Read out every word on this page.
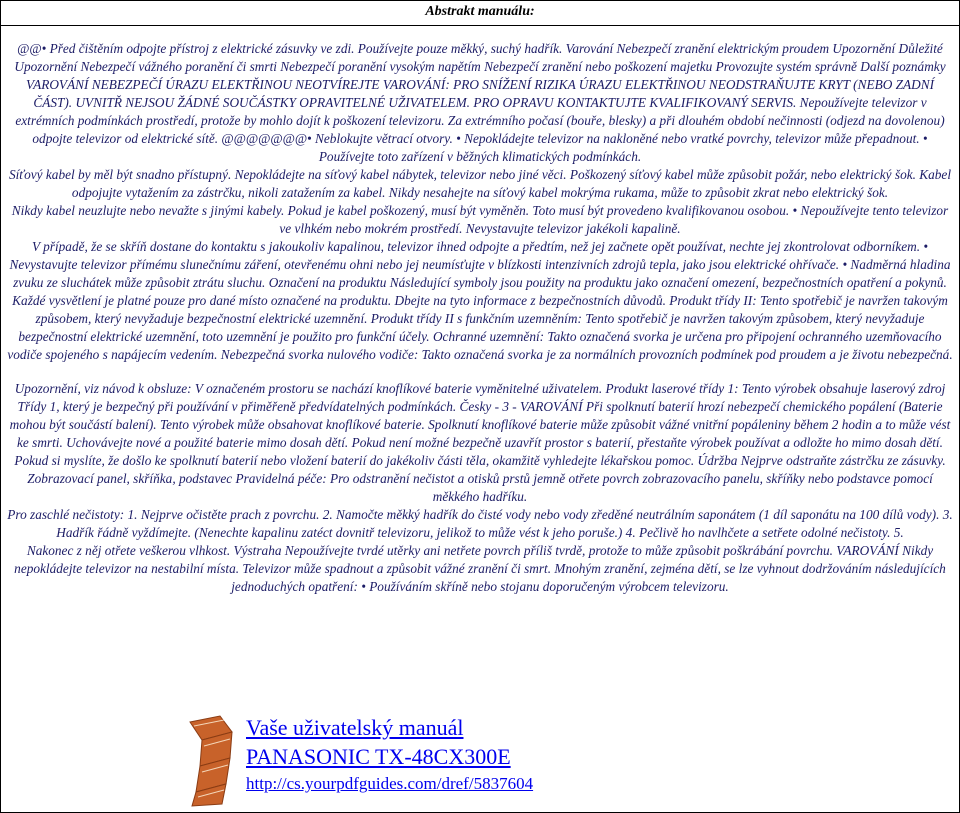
Abstrakt manuálu:

@@• Před čištěním odpojte přístroj z elektrické zásuvky ve zdi. Používejte pouze měkký, suchý hadřík. Varování Nebezpečí zranění elektrickým proudem Upozornění Důležité Upozornění Nebezpečí vážného poranění či smrti Nebezpečí poranění vysokým napětím Nebezpečí zranění nebo poškození majetku Provozujte systém správně Další poznámky VAROVÁNÍ NEBEZPEČÍ ÚRAZU ELEKTŘINOU NEOTVÍREJTE VAROVÁNÍ: PRO SNÍŽENÍ RIZIKA ÚRAZU ELEKTŘINOU NEODSTRAŇUJTE KRYT (NEBO ZADNÍ ČÁST). UVNITŘ NEJSOU ŽÁDNÉ SOUČÁSTKY OPRAVITELNÉ UŽIVATELEM. PRO OPRAVU KONTAKTUJTE KVALIFIKOVANÝ SERVIS. Nepoužívejte televizor v extrémních podmínkách prostředí, protože by mohlo dojít k poškození televizoru. Za extrémního počasí (bouře, blesky) a při dlouhém období nečinnosti (odjezd na dovolenou) odpojte televizor od elektrické sítě. @@@@@@@• Neblokujte větrací otvory. • Nepokládejte televizor na nakloněné nebo vratké povrchy, televizor může přepadnout. • Používejte toto zařízení v běžných klimatických podmínkách.

Síťový kabel by měl být snadno přístupný. Nepokládejte na síťový kabel nábytek, televizor nebo jiné věci. Poškozený síťový kabel může způsobit požár, nebo elektrický šok. Kabel odpojujte vytažením za zástrčku, nikoli zatažením za kabel. Nikdy nesahejte na síťový kabel mokrýma rukama, může to způsobit zkrat nebo elektrický šok.

Nikdy kabel neuzlujte nebo nevažte s jinými kabely. Pokud je kabel poškozený, musí být vyměněn. Toto musí být provedeno kvalifikovanou osobou. • Nepoužívejte tento televizor ve vlhkém nebo mokrém prostředí. Nevystavujte televizor jakékoli kapalině.

V případě, že se skříň dostane do kontaktu s jakoukoliv kapalinou, televizor ihned odpojte a předtím, než jej začnete opět používat, nechte jej zkontrolovat odborníkem. • Nevystavujte televizor přímému slunečnímu záření, otevřenému ohni nebo jej neumísťujte v blízkosti intenzivních zdrojů tepla, jako jsou elektrické ohřívače. • Nadměrná hladina zvuku ze sluchátek může způsobit ztrátu sluchu. Označení na produktu Následující symboly jsou použity na produktu jako označení omezení, bezpečnostních opatření a pokynů. Každé vysvětlení je platné pouze pro dané místo označené na produktu. Dbejte na tyto informace z bezpečnostních důvodů. Produkt třídy II: Tento spotřebič je navržen takovým způsobem, který nevyžaduje bezpečnostní elektrické uzemnění. Produkt třídy II s funkčním uzemněním: Tento spotřebič je navržen takovým způsobem, který nevyžaduje bezpečnostní elektrické uzemnění, toto uzemnění je použito pro funkční účely. Ochranné uzemnění: Takto označená svorka je určena pro připojení ochranného uzemňovacího vodiče spojeného s napájecím vedením. Nebezpečná svorka nulového vodiče: Takto označená svorka je za normálních provozních podmínek pod proudem a je životu nebezpečná.

Upozornění, viz návod k obsluze: V označeném prostoru se nachází knoflíkové baterie vyměnitelné uživatelem. Produkt laserové třídy 1: Tento výrobek obsahuje laserový zdroj Třídy 1, který je bezpečný při používání v přiměřeně předvídatelných podmínkách. Česky - 3 - VAROVÁNÍ Při spolknutí baterií hrozí nebezpečí chemického popálení (Baterie mohou být součástí balení). Tento výrobek může obsahovat knoflíkové baterie. Spolknutí knoflíkové baterie může způsobit vážné vnitřní popáleniny během 2 hodin a to může vést ke smrti. Uchovávejte nové a použité baterie mimo dosah dětí. Pokud není možné bezpečně uzavřít prostor s baterií, přestaňte výrobek používat a odložte ho mimo dosah dětí. Pokud si myslíte, že došlo ke spolknutí baterií nebo vložení baterií do jakékoliv části těla, okamžitě vyhledejte lékařskou pomoc. Údržba Nejprve odstraňte zástrčku ze zásuvky. Zobrazovací panel, skříňka, podstavec Pravidelná péče: Pro odstranění nečistot a otisků prstů jemně otřete povrch zobrazovacího panelu, skříňky nebo podstavce pomocí měkkého hadříku.

Pro zaschlé nečistoty: 1. Nejprve očistěte prach z povrchu. 2. Namočte měkký hadřík do čisté vody nebo vody zředěné neutrálním saponátem (1 díl saponátu na 100 dílů vody). 3.

Hadřík řádně vyždímejte. (Nenechte kapalinu zatéct dovnitř televizoru, jelikož to může vést k jeho poruše.) 4. Pečlivě ho navlhčete a setřete odolné nečistoty. 5.

Nakonec z něj otřete veškerou vlhkost. Výstraha Nepoužívejte tvrdé utěrky ani netřete povrch příliš tvrdě, protože to může způsobit poškrábání povrchu. VAROVÁNÍ Nikdy nepokládejte televizor na nestabilní místa. Televizor může spadnout a způsobit vážné zranění či smrt. Mnohým zranění, zejména dětí, se lze vyhnout dodržováním následujících jednoduchých opatření: • Používáním skříně nebo stojanu doporučeným výrobcem televizoru.

Vaše uživatelský manuál
PANASONIC TX-48CX300E
http://cs.yourpdfguides.com/dref/5837604
